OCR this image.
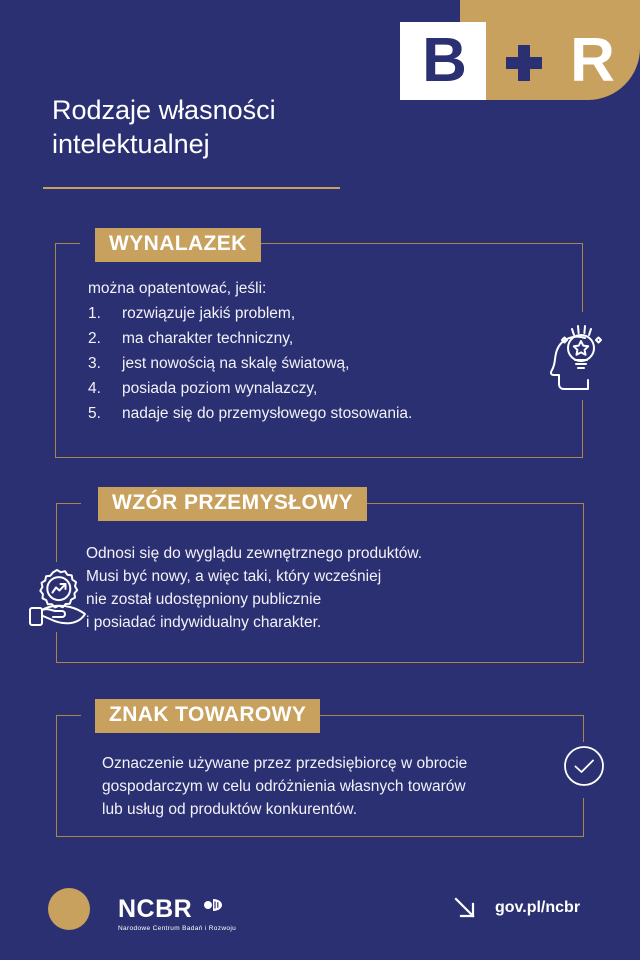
B R
Rodzaje własności
intelektualnej
WYNALAZEK
można opatentować, jeśli:
1.	rozwiązuje jakiś problem,
2.	ma charakter techniczny,
3.	jest nowością na skalę światową,
4.	posiada poziom wynalazczy,
5.	nadaje się do przemysłowego stosowania.
WZÓR PRZEMYSŁOWY
Odnosi się do wyglądu zewnętrznego produktów.
Musi być nowy, a więc taki, który wcześniej
nie został udostępniony publicznie
i posiadać indywidualny charakter.
ZNAK TOWAROWY
Oznaczenie używane przez przedsiębiorcę w obrocie
gospodarczym w celu odróżnienia własnych towarów
lub usług od produktów konkurentów.
NCBR
Narodowe Centrum Badań i Rozwoju
gov.pl/ncbr
